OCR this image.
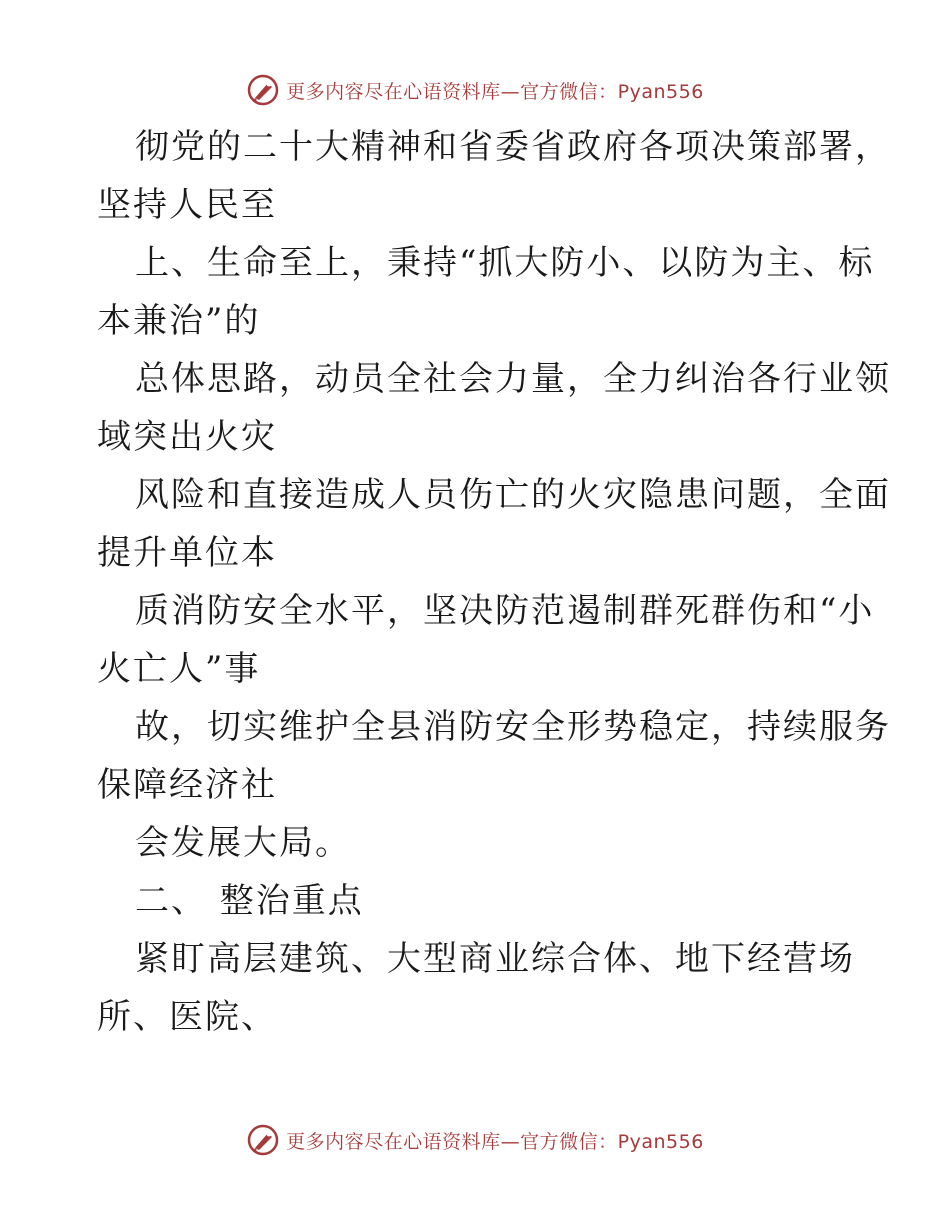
更多内容尽在心语资料库—官方微信：Pyan556
彻党的二十大精神和省委省政府各项决策部署，
坚持人民至
上、生命至上，秉持“抓大防小、以防为主、标
本兼治”的
总体思路，动员全社会力量，全力纠治各行业领
域突出火灾
风险和直接造成人员伤亡的火灾隐患问题，全面
提升单位本
质消防安全水平，坚决防范遏制群死群伤和“小
火亡人”事
故，切实维护全县消防安全形势稳定，持续服务
保障经济社
会发展大局。
二、 整治重点
紧盯高层建筑、大型商业综合体、地下经营场
所、医院、
更多内容尽在心语资料库—官方微信：Pyan556
